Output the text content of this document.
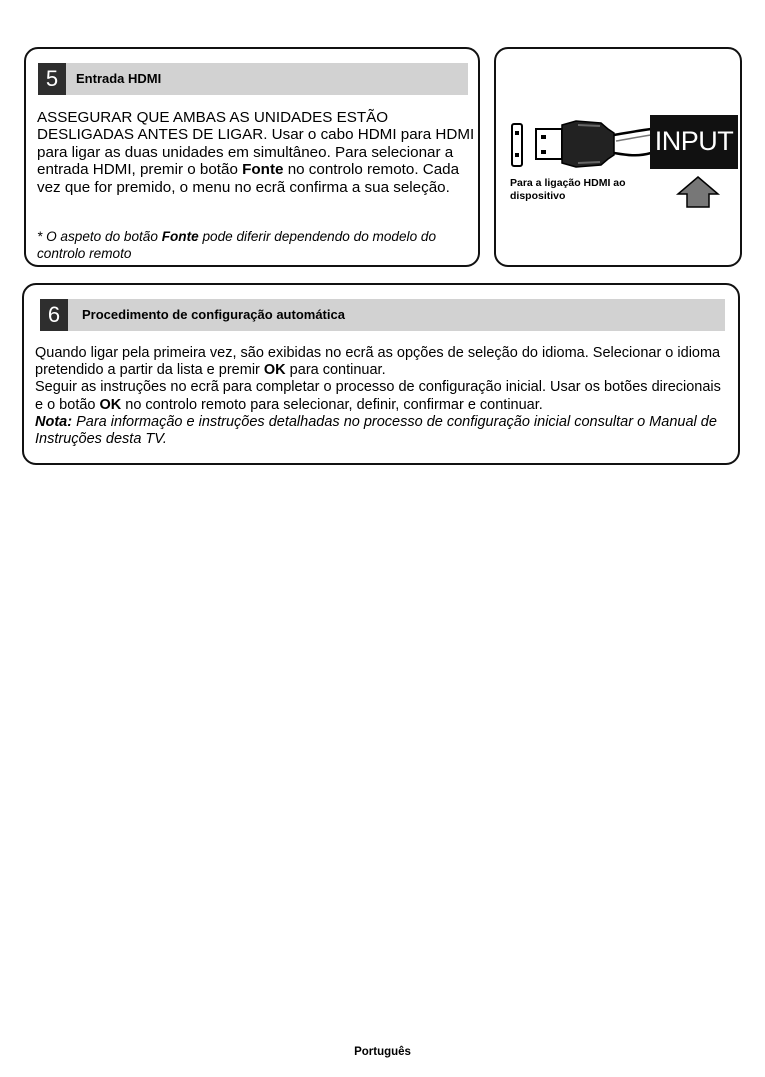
5	Entrada HDMI
ASSEGURAR QUE AMBAS AS UNIDADES ESTÃO DESLIGADAS ANTES DE LIGAR. Usar o cabo HDMI para HDMI para ligar as duas unidades em simultâneo. Para selecionar a entrada HDMI, premir o botão Fonte no controlo remoto. Cada vez que for premido, o menu no ecrã confirma a sua seleção.
* O aspeto do botão Fonte pode diferir dependendo do modelo do controlo remoto
INPUT
Para a ligação HDMI ao dispositivo
6	Procedimento de configuração automática
Quando ligar pela primeira vez, são exibidas no ecrã as opções de seleção do idioma. Selecionar o idioma pretendido a partir da lista e premir OK para continuar.
Seguir as instruções no ecrã para completar o processo de configuração inicial. Usar os botões direcionais e o botão OK no controlo remoto para selecionar, definir, confirmar e continuar.
Nota: Para informação e instruções detalhadas no processo de configuração inicial consultar o Manual de Instruções desta TV.
Português
